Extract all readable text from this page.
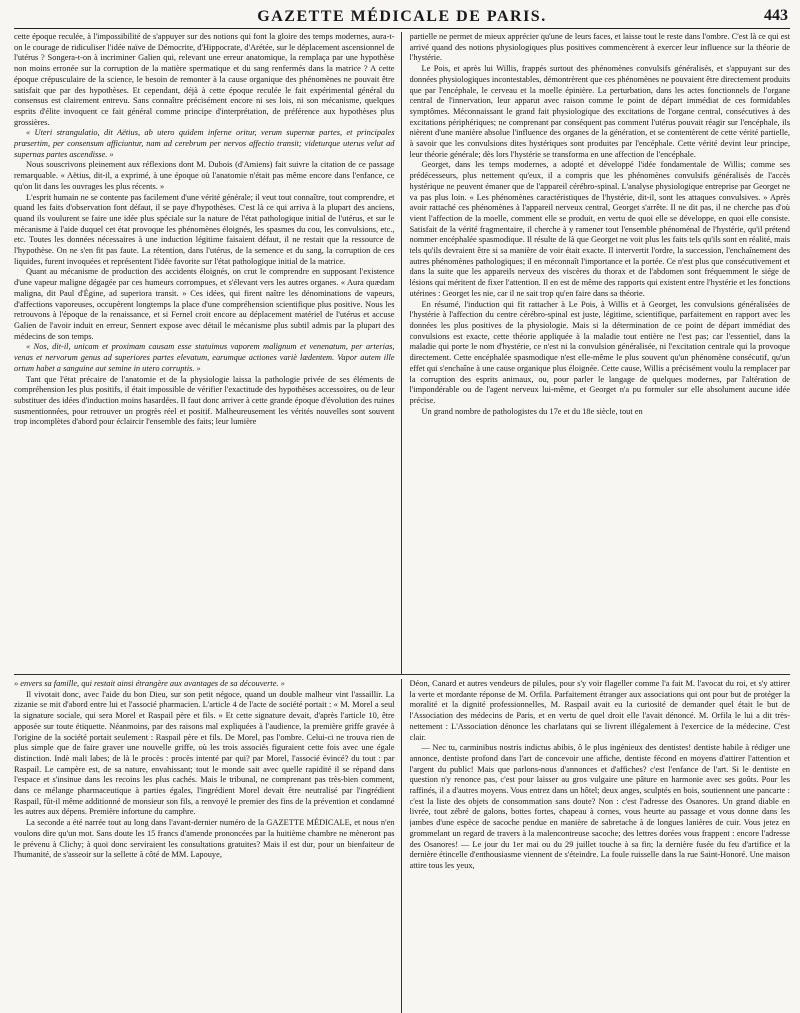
GAZETTE MÉDICALE DE PARIS.	443

cette époque reculée, à l'impossibilité de s'appuyer sur des notions qui font la gloire des temps modernes, aura-t-on le courage de ridiculiser l'idée naïve de Démocrite, d'Hippocrate, d'Arétée, sur le déplacement ascensionnel de l'utérus ? Songera-t-on à incriminer Galien qui, relevant une erreur anatomique, la remplaça par une hypothèse non moins erronée sur la corruption de la matière spermatique et du sang renfermés dans la matrice ? A cette époque crépusculaire de la science, le besoin de remonter à la cause organique des phénomènes ne pouvait être satisfait que par des hypothèses. Et cependant, déjà à cette époque reculée le fait expérimental général du consensus est clairement entrevu. Sans connaître précisément encore ni ses lois, ni son mécanisme, quelques esprits d'élite invoquent ce fait général comme principe d'interprétation, de préférence aux hypothèses plus grossières.

« Uteri strangulatio, dit Aëtius, ab utero quidem inferne oritur, verum supernæ partes, et principales præsertim, per consensum afficiuntur, nam ad cerebrum per nervos affectio transit; videturque uterus velut ad supernas partes ascendisse. »

Nous souscrivons pleinement aux réflexions dont M. Dubois (d'Amiens) fait suivre la citation de ce passage remarquable. « Aëtius, dit-il, a exprimé, à une époque où l'anatomie n'était pas même encore dans l'enfance, ce qu'on lit dans les ouvrages les plus récents. »

L'esprit humain ne se contente pas facilement d'une vérité générale; il veut tout connaître, tout comprendre, et quand les faits d'observation font défaut, il se paye d'hypothèses. C'est là ce qui arriva à la plupart des anciens, quand ils voulurent se faire une idée plus spéciale sur la nature de l'état pathologique initial de l'utérus, et sur le mécanisme à l'aide duquel cet état provoque les phénomènes éloignés, les spasmes du cou, les convulsions, etc., etc. Toutes les données nécessaires à une induction légitime faisaient défaut, il ne restait que la ressource de l'hypothèse. On ne s'en fit pas faute. La rétention, dans l'utérus, de la semence et du sang, la corruption de ces liquides, furent invoquées et représentent l'idée favorite sur l'état pathologique initial de la matrice.

Quant au mécanisme de production des accidents éloignés, on crut le comprendre en supposant l'existence d'une vapeur maligne dégagée par ces humeurs corrompues, et s'élevant vers les autres organes. « Aura quædam maligna, dit Paul d'Égine, ad superiora transit. » Ces idées, qui firent naître les dénominations de vapeurs, d'affections vaporeuses, occupèrent longtemps la place d'une compréhension scientifique plus positive. Nous les retrouvons à l'époque de la renaissance, et si Fernel croit encore au déplacement matériel de l'utérus et accuse Galien de l'avoir induit en erreur, Sennert expose avec détail le mécanisme plus subtil admis par la plupart des médecins de son temps.

« Nos, dit-il, unicam et proximam causam esse statuimus vaporem malignum et venenatum, per arterias, venas et nervorum genus ad superiores partes elevatum, earumque actiones variè lædentem. Vapor autem ille ortum habet a sanguine aut semine in utero corruptis. »

Tant que l'état précaire de l'anatomie et de la physiologie laissa la pathologie privée de ses éléments de compréhension les plus positifs, il était impossible de vérifier l'exactitude des hypothèses accessoires, ou de leur substituer des idées d'induction moins hasardées. Il faut donc arriver à cette grande époque d'évolution des ruines susmentionnées, pour retrouver un progrès réel et positif. Malheureusement les vérités nouvelles sont souvent trop incomplètes d'abord pour éclaircir l'ensemble des faits; leur lumière

partielle ne permet de mieux apprécier qu'une de leurs faces, et laisse tout le reste dans l'ombre. C'est là ce qui est arrivé quand des notions physiologiques plus positives commencèrent à exercer leur influence sur la théorie de l'hystérie.

Le Pois, et après lui Willis, frappés surtout des phénomènes convulsifs généralisés, et s'appuyant sur des données physiologiques incontestables, démontrèrent que ces phénomènes ne pouvaient être directement produits que par l'encéphale, le cerveau et la moelle épinière. La perturbation, dans les actes fonctionnels de l'organe central de l'innervation, leur apparut avec raison comme le point de départ immédiat de ces formidables symptômes. Méconnaissant le grand fait physiologique des excitations de l'organe central, consécutives à des excitations périphériques; ne comprenant par conséquent pas comment l'utérus pouvait réagir sur l'encéphale, ils nièrent d'une manière absolue l'influence des organes de la génération, et se contentèrent de cette vérité partielle, à savoir que les convulsions dites hystériques sont produites par l'encéphale. Cette vérité devint leur principe, leur théorie générale; dès lors l'hystérie se transforma en une affection de l'encéphale.

Georget, dans les temps modernes, a adopté et développé l'idée fondamentale de Willis; comme ses prédécesseurs, plus nettement qu'eux, il a compris que les phénomènes convulsifs généralisés de l'accès hystérique ne peuvent émaner que de l'appareil cérébro-spinal. L'analyse physiologique entreprise par Georget ne va pas plus loin. « Les phénomènes caractéristiques de l'hystérie, dit-il, sont les attaques convulsives. » Après avoir rattaché ces phénomènes à l'appareil nerveux central, Georget s'arrête. Il ne dit pas, il ne cherche pas d'où vient l'affection de la moelle, comment elle se produit, en vertu de quoi elle se développe, en quoi elle consiste. Satisfait de la vérité fragmentaire, il cherche à y ramener tout l'ensemble phénoménal de l'hystérie, qu'il prétend nommer encéphalée spasmodique. Il résulte de là que Georget ne voit plus les faits tels qu'ils sont en réalité, mais tels qu'ils devraient être si sa manière de voir était exacte. Il intervertit l'ordre, la succession, l'enchaînement des autres phénomènes pathologiques; il en méconnaît l'importance et la portée. Ce n'est plus que consécutivement et dans la suite que les appareils nerveux des viscères du thorax et de l'abdomen sont fréquemment le siége de lésions qui méritent de fixer l'attention. Il en est de même des rapports qui existent entre l'hystérie et les fonctions utérines : Georget les nie, car il ne sait trop qu'en faire dans sa théorie.

En résumé, l'induction qui fit rattacher à Le Pois, à Willis et à Georget, les convulsions généralisées de l'hystérie à l'affection du centre cérébro-spinal est juste, légitime, scientifique, parfaitement en rapport avec les données les plus positives de la physiologie. Mais si la détermination de ce point de départ immédiat des convulsions est exacte, cette théorie appliquée à la maladie tout entière ne l'est pas; car l'essentiel, dans la maladie qui porte le nom d'hystérie, ce n'est ni la convulsion généralisée, ni l'excitation centrale qui la provoque directement. Cette encéphalée spasmodique n'est elle-même le plus souvent qu'un phénomène consécutif, qu'un effet qui s'enchaîne à une cause organique plus éloignée. Cette cause, Willis a précisément voulu la remplacer par la corruption des esprits animaux, ou, pour parler le langage de quelques modernes, par l'altération de l'impondérable ou de l'agent nerveux lui-même, et Georget n'a pu formuler sur elle absolument aucune idée précise.

Un grand nombre de pathologistes du 17e et du 18e siècle, tout en

» envers sa famille, qui restait ainsi étrangère aux avantages de sa découverte. »

Il vivotait donc, avec l'aide du bon Dieu, sur son petit négoce, quand un double malheur vint l'assaillir. La zizanie se mit d'abord entre lui et l'associé pharmacien. L'article 4 de l'acte de société portait : « M. Morel a seul la signature sociale, qui sera Morel et Raspail père et fils. » Et cette signature devait, d'après l'article 10, être apposée sur toute étiquette. Néanmoins, par des raisons mal expliquées à l'audience, la première griffe gravée à l'origine de la société portait seulement : Raspail père et fils. De Morel, pas l'ombre. Celui-ci ne trouva rien de plus simple que de faire graver une nouvelle griffe, où les trois associés figuraient cette fois avec une égale distinction. Indè mali labes; de là le procès : procès intenté par qui? par Morel, l'associé évincé? du tout : par Raspail. Le campère est, de sa nature, envahissant; tout le monde sait avec quelle rapidité il se répand dans l'espace et s'insinue dans les recoins les plus cachés. Mais le tribunal, ne comprenant pas très-bien comment, dans ce mélange pharmaceutique à parties égales, l'ingrédient Morel devait être neutralisé par l'ingrédient Raspail, fût-il même additionné de monsieur son fils, a renvoyé le premier des fins de la prévention et condamné les autres aux dépens. Première infortune du camphre.

La seconde a été narrée tout au long dans l'avant-dernier numéro de la GAZETTE MÉDICALE, et nous n'en voulons dire qu'un mot. Sans doute les 15 francs d'amende prononcées par la huitième chambre ne mèneront pas le prévenu à Clichy; à quoi donc serviraient les consultations gratuites? Mais il est dur, pour un bienfaiteur de l'humanité, de s'asseoir sur la sellette à côté de MM. Lapouye,

Déon, Canard et autres vendeurs de pilules, pour s'y voir flageller comme l'a fait M. l'avocat du roi, et s'y attirer la verte et mordante réponse de M. Orfila. Parfaitement étranger aux associations qui ont pour but de protéger la moralité et la dignité professionnelles, M. Raspail avait eu la curiosité de demander quel était le but de l'Association des médecins de Paris, et en vertu de quel droit elle l'avait dénoncé. M. Orfila le lui a dit très-nettement : L'Association dénonce les charlatans qui se livrent illégalement à l'exercice de la médecine. C'est clair.

— Nec tu, carminibus nostris indictus abibis, ô le plus ingénieux des dentistes! dentiste habile à rédiger une annonce, dentiste profond dans l'art de concevoir une affiche, dentiste fécond en moyens d'attirer l'attention et l'argent du public! Mais que parlons-nous d'annonces et d'affiches? c'est l'enfance de l'art. Si le dentiste en question n'y renonce pas, c'est pour laisser au gros vulgaire une pâture en harmonie avec ses goûts. Pour les raffinés, il a d'autres moyens. Vous entrez dans un hôtel; deux anges, sculptés en bois, soutiennent une pancarte : c'est la liste des objets de consommation sans doute? Non : c'est l'adresse des Osanores. Un grand diable en livrée, tout zébré de galons, bottes fortes, chapeau à cornes, vous heurte au passage et vous donne dans les jambes d'une espèce de sacoche pendue en manière de sabretache à de longues lanières de cuir. Vous jetez en grommelant un regard de travers à la malencontreuse sacoche; des lettres dorées vous frappent : encore l'adresse des Osanores! — Le jour du 1er mai ou du 29 juillet touche à sa fin; la dernière fusée du feu d'artifice et la dernière étincelle d'enthousiasme viennent de s'éteindre. La foule ruisselle dans la rue Saint-Honoré. Une maison attire tous les yeux,
